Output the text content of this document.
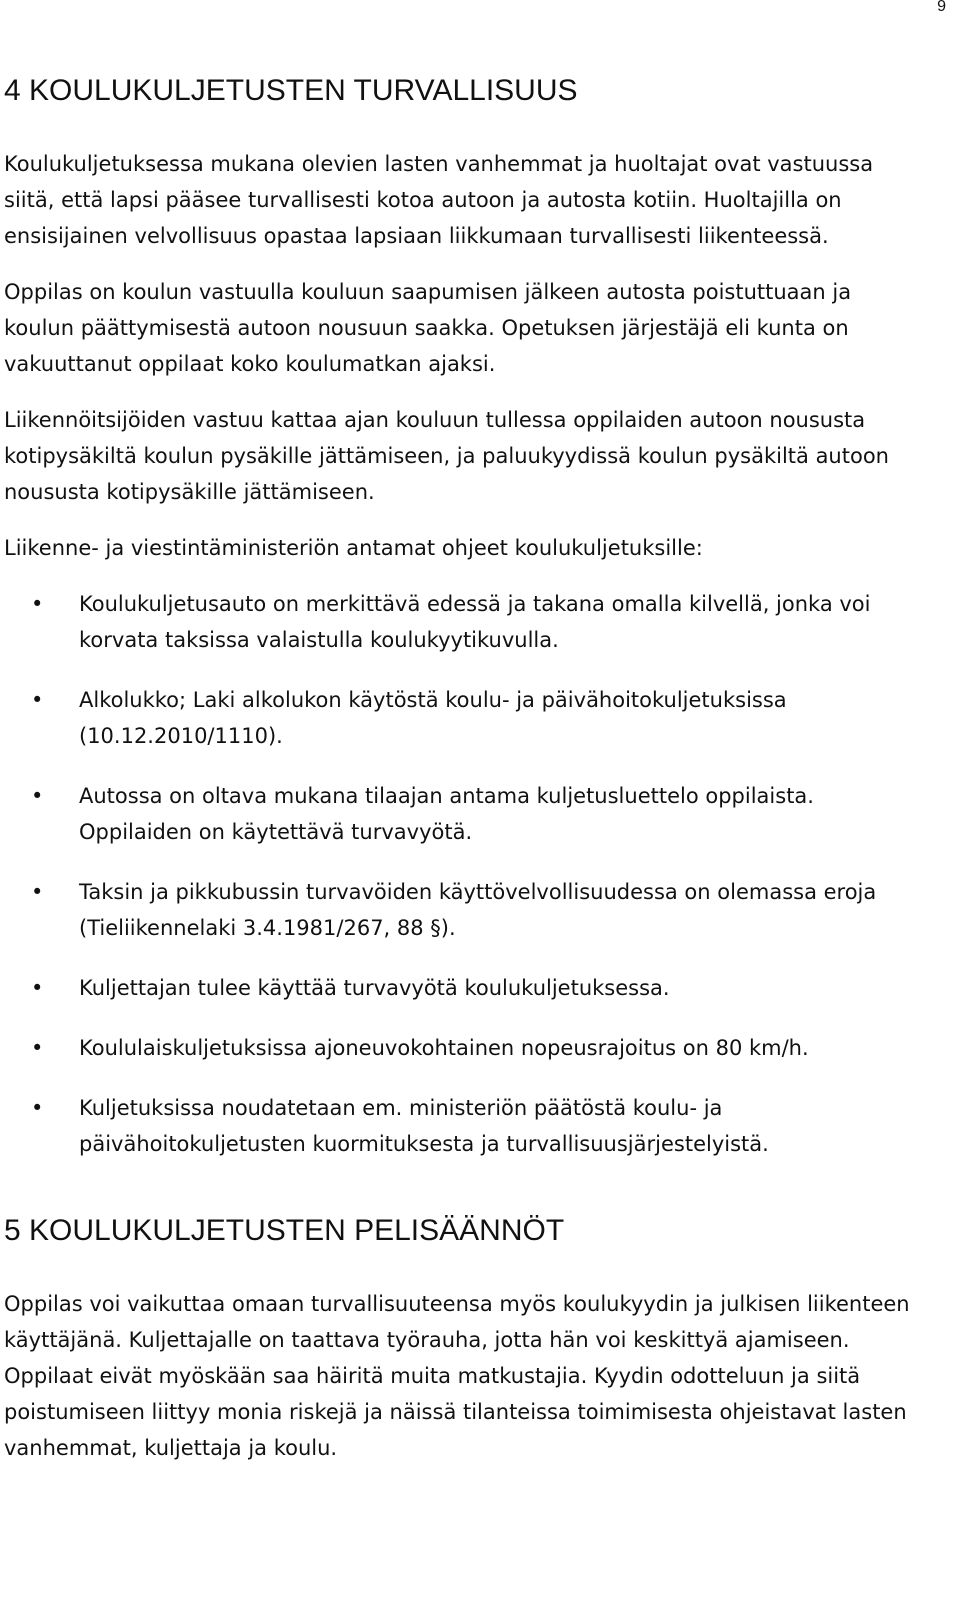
9
4 KOULUKULJETUSTEN TURVALLISUUS

Koulukuljetuksessa mukana olevien lasten vanhemmat ja huoltajat ovat vastuussa siitä, että lapsi pääsee turvallisesti kotoa autoon ja autosta kotiin. Huoltajilla on ensisijainen velvollisuus opastaa lapsiaan liikkumaan turvallisesti liikenteessä.

Oppilas on koulun vastuulla kouluun saapumisen jälkeen autosta poistuttuaan ja koulun päättymisestä autoon nousuun saakka. Opetuksen järjestäjä eli kunta on vakuuttanut oppilaat koko koulumatkan ajaksi.

Liikennöitsijöiden vastuu kattaa ajan kouluun tullessa oppilaiden autoon noususta kotipysäkiltä koulun pysäkille jättämiseen, ja paluukyydissä koulun pysäkiltä autoon noususta kotipysäkille jättämiseen.

Liikenne- ja viestintäministeriön antamat ohjeet koulukuljetuksille:

• Koulukuljetusauto on merkittävä edessä ja takana omalla kilvellä, jonka voi korvata taksissa valaistulla koulukyytikuvulla.
• Alkolukko; Laki alkolukon käytöstä koulu- ja päivähoitokuljetuksissa (10.12.2010/1110).
• Autossa on oltava mukana tilaajan antama kuljetusluettelo oppilaista. Oppilaiden on käytettävä turvavyötä.
• Taksin ja pikkubussin turvavöiden käyttövelvollisuudessa on olemassa eroja (Tieliikennelaki 3.4.1981/267, 88 §).
• Kuljettajan tulee käyttää turvavyötä koulukuljetuksessa.
• Koululaiskuljetuksissa ajoneuvokohtainen nopeusrajoitus on 80 km/h.
• Kuljetuksissa noudatetaan em. ministeriön päätöstä koulu- ja päivähoitokuljetusten kuormituksesta ja turvallisuusjärjestelyistä.
5 KOULUKULJETUSTEN PELISÄÄNNÖT

Oppilas voi vaikuttaa omaan turvallisuuteensa myös koulukyydin ja julkisen liikenteen käyttäjänä. Kuljettajalle on taattava työrauha, jotta hän voi keskittyä ajamiseen. Oppilaat eivät myöskään saa häiritä muita matkustajia. Kyydin odotteluun ja siitä poistumiseen liittyy monia riskejä ja näissä tilanteissa toimimisesta ohjeistavat lasten vanhemmat, kuljettaja ja koulu.
